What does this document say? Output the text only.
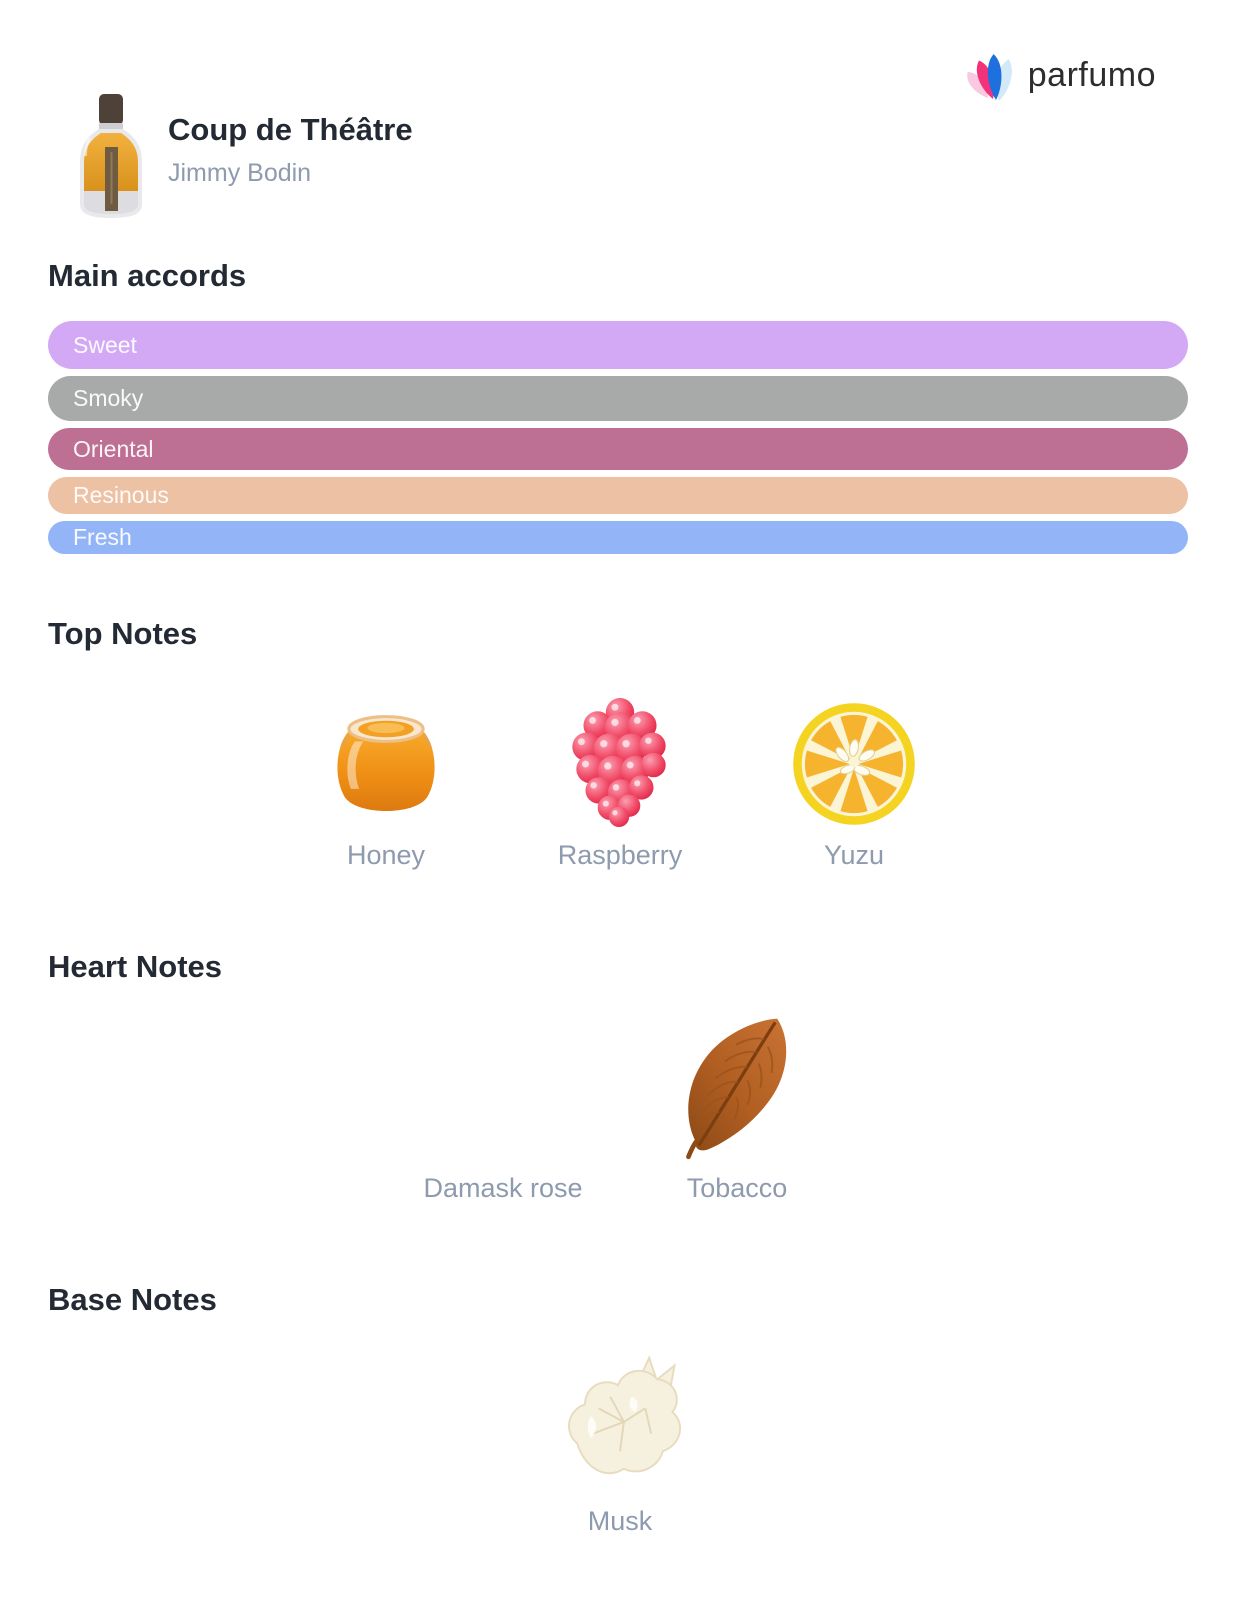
parfumo
Coup de Théâtre
Jimmy Bodin
Main accords
Sweet
Smoky
Oriental
Resinous
Fresh
Top Notes
Honey	Raspberry	Yuzu
Heart Notes
Damask rose	Tobacco
Base Notes
Musk
